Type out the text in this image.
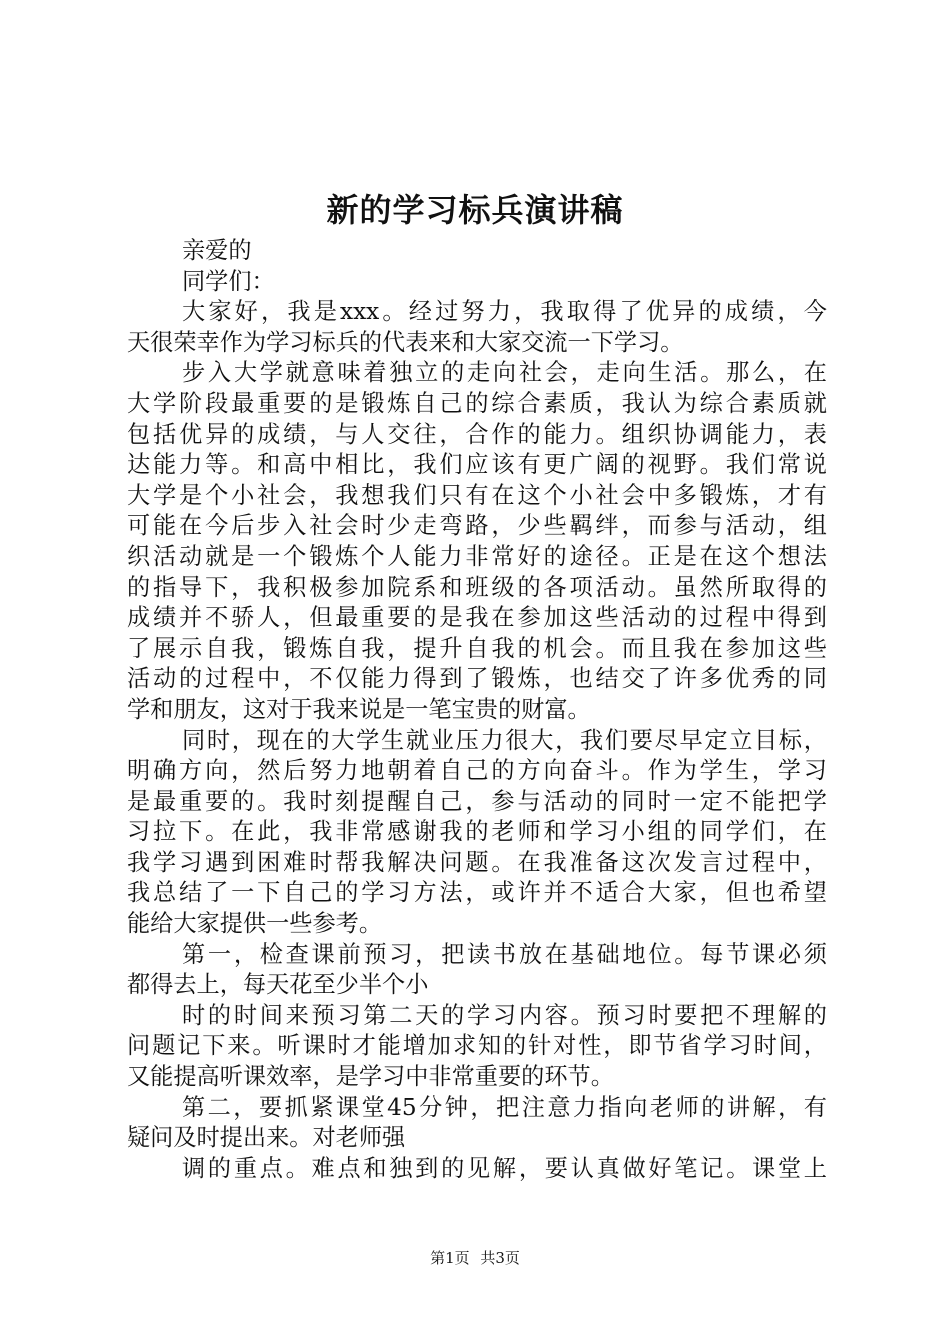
新的学习标兵演讲稿
亲爱的
同学们：
大家好，我是xxx。经过努力，我取得了优异的成绩，今
天很荣幸作为学习标兵的代表来和大家交流一下学习。
步入大学就意味着独立的走向社会，走向生活。那么，在
大学阶段最重要的是锻炼自己的综合素质，我认为综合素质就
包括优异的成绩，与人交往，合作的能力。组织协调能力，表
达能力等。和高中相比，我们应该有更广阔的视野。我们常说
大学是个小社会，我想我们只有在这个小社会中多锻炼，才有
可能在今后步入社会时少走弯路，少些羁绊，而参与活动，组
织活动就是一个锻炼个人能力非常好的途径。正是在这个想法
的指导下，我积极参加院系和班级的各项活动。虽然所取得的
成绩并不骄人，但最重要的是我在参加这些活动的过程中得到
了展示自我，锻炼自我，提升自我的机会。而且我在参加这些
活动的过程中，不仅能力得到了锻炼，也结交了许多优秀的同
学和朋友，这对于我来说是一笔宝贵的财富。
同时，现在的大学生就业压力很大，我们要尽早定立目标，
明确方向，然后努力地朝着自己的方向奋斗。作为学生，学习
是最重要的。我时刻提醒自己，参与活动的同时一定不能把学
习拉下。在此，我非常感谢我的老师和学习小组的同学们，在
我学习遇到困难时帮我解决问题。在我准备这次发言过程中，
我总结了一下自己的学习方法，或许并不适合大家，但也希望
能给大家提供一些参考。
第一，检查课前预习，把读书放在基础地位。每节课必须
都得去上，每天花至少半个小
时的时间来预习第二天的学习内容。预习时要把不理解的
问题记下来。听课时才能增加求知的针对性，即节省学习时间，
又能提高听课效率，是学习中非常重要的环节。
第二，要抓紧课堂45分钟，把注意力指向老师的讲解，有
疑问及时提出来。对老师强
调的重点。难点和独到的见解，要认真做好笔记。课堂上
第1页 共3页
